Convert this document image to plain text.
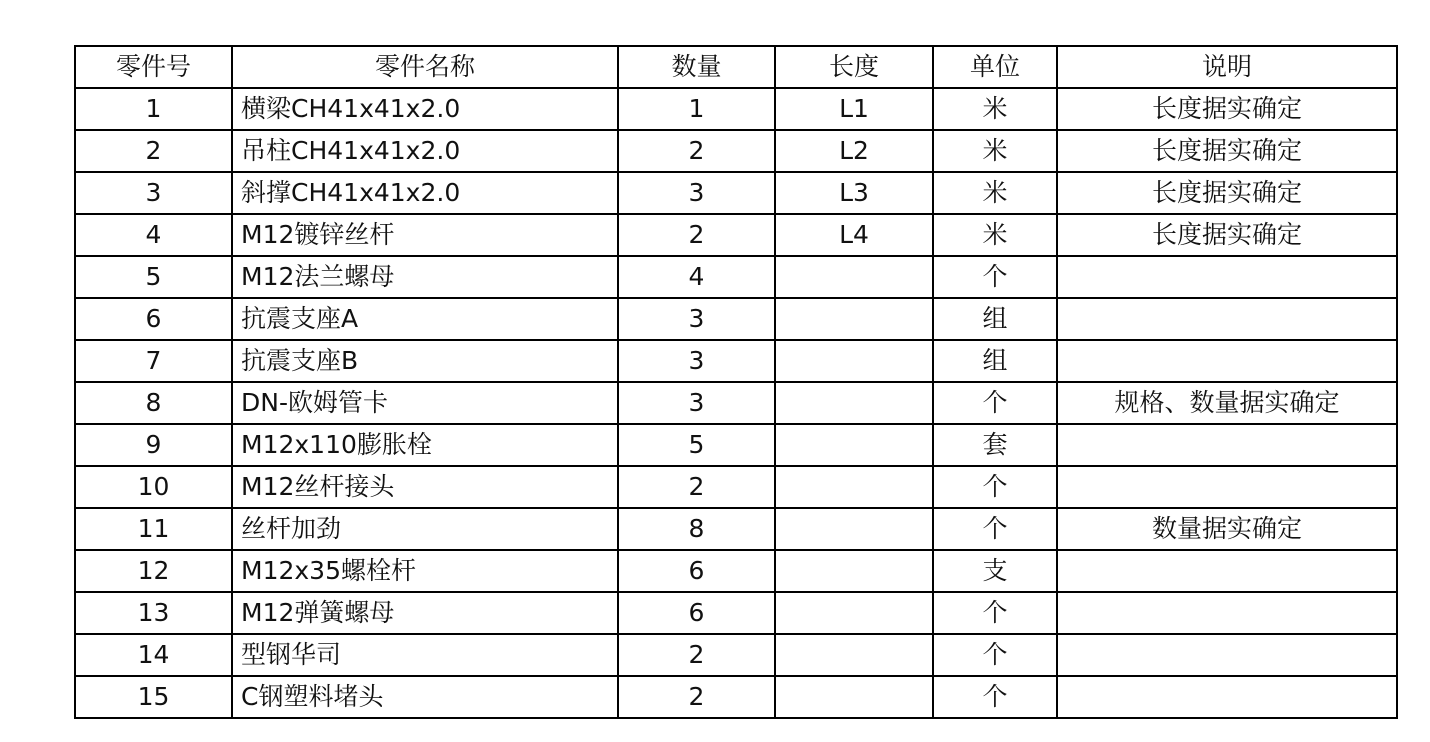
零件号	零件名称	数量	长度	单位	说明
1	横梁CH41x41x2.0	1	L1	米	长度据实确定
2	吊柱CH41x41x2.0	2	L2	米	长度据实确定
3	斜撑CH41x41x2.0	3	L3	米	长度据实确定
4	M12镀锌丝杆	2	L4	米	长度据实确定
5	M12法兰螺母	4		个	
6	抗震支座A	3		组	
7	抗震支座B	3		组	
8	DN-欧姆管卡	3		个	规格、数量据实确定
9	M12x110膨胀栓	5		套	
10	M12丝杆接头	2		个	
11	丝杆加劲	8		个	数量据实确定
12	M12x35螺栓杆	6		支	
13	M12弹簧螺母	6		个	
14	型钢华司	2		个	
15	C钢塑料堵头	2		个	
